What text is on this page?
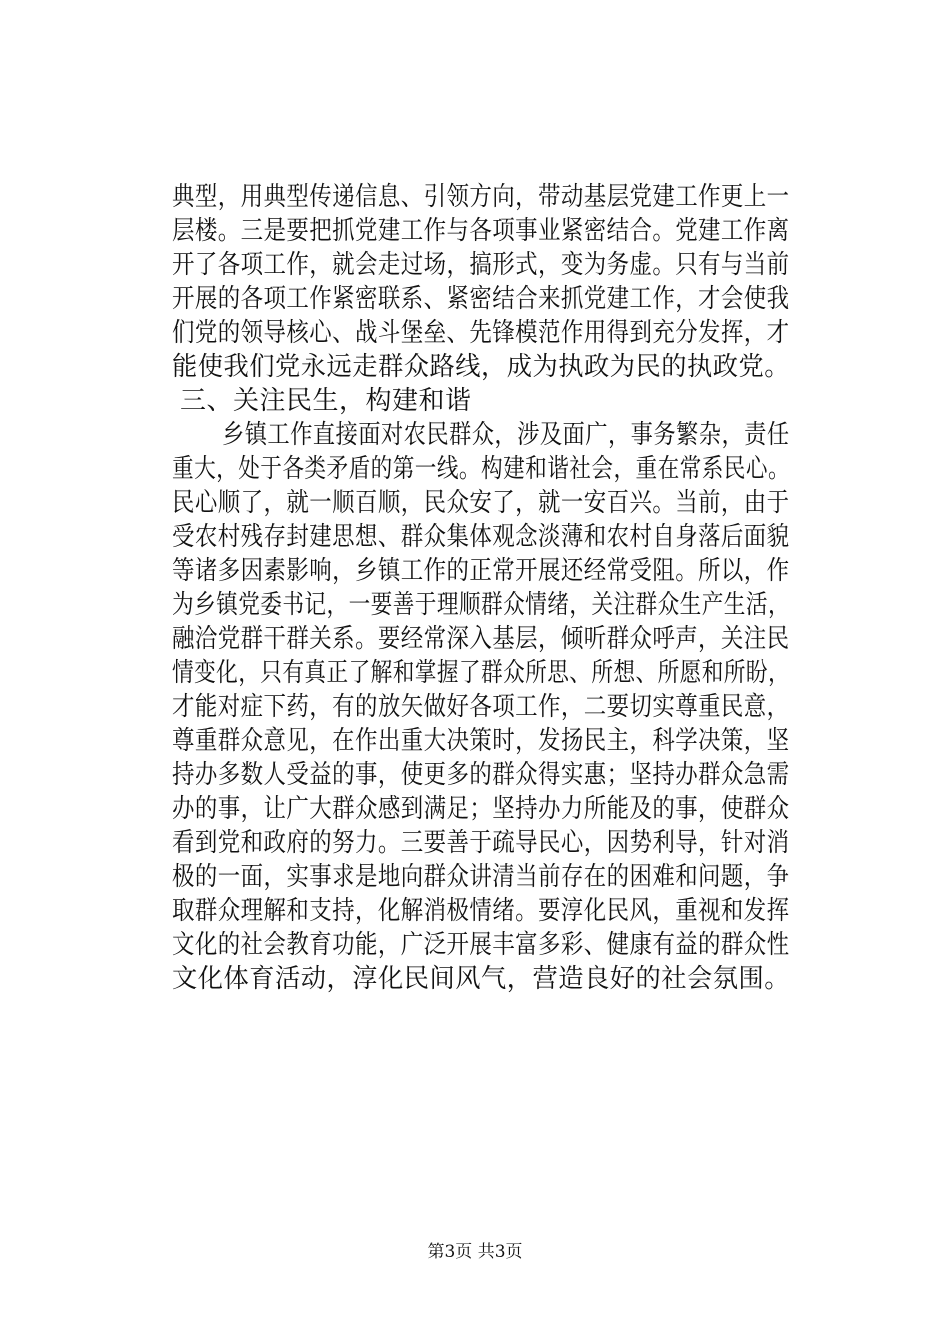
典型，用典型传递信息、引领方向，带动基层党建工作更上一
层楼。三是要把抓党建工作与各项事业紧密结合。党建工作离
开了各项工作，就会走过场，搞形式，变为务虚。只有与当前
开展的各项工作紧密联系、紧密结合来抓党建工作，才会使我
们党的领导核心、战斗堡垒、先锋模范作用得到充分发挥，才
能使我们党永远走群众路线，成为执政为民的执政党。
三、关注民生，构建和谐
乡镇工作直接面对农民群众，涉及面广，事务繁杂，责任
重大，处于各类矛盾的第一线。构建和谐社会，重在常系民心。
民心顺了，就一顺百顺，民众安了，就一安百兴。当前，由于
受农村残存封建思想、群众集体观念淡薄和农村自身落后面貌
等诸多因素影响，乡镇工作的正常开展还经常受阻。所以，作
为乡镇党委书记，一要善于理顺群众情绪，关注群众生产生活，
融洽党群干群关系。要经常深入基层，倾听群众呼声，关注民
情变化，只有真正了解和掌握了群众所思、所想、所愿和所盼，
才能对症下药，有的放矢做好各项工作，二要切实尊重民意，
尊重群众意见，在作出重大决策时，发扬民主，科学决策，坚
持办多数人受益的事，使更多的群众得实惠；坚持办群众急需
办的事，让广大群众感到满足；坚持办力所能及的事，使群众
看到党和政府的努力。三要善于疏导民心，因势利导，针对消
极的一面，实事求是地向群众讲清当前存在的困难和问题，争
取群众理解和支持，化解消极情绪。要淳化民风，重视和发挥
文化的社会教育功能，广泛开展丰富多彩、健康有益的群众性
文化体育活动，淳化民间风气，营造良好的社会氛围。
第3页 共3页
